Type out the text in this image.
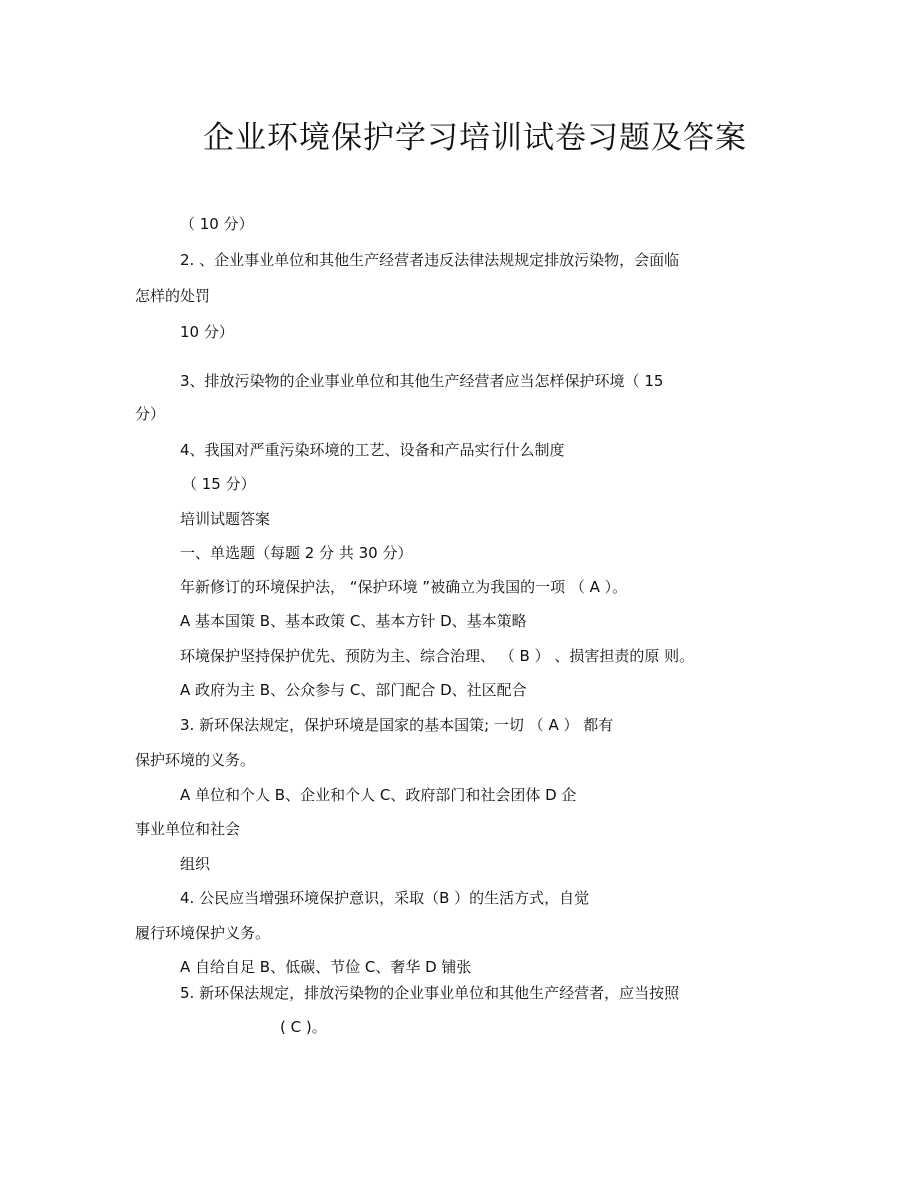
企业环境保护学习培训试卷习题及答案
（ 10 分）
2. 、企业事业单位和其他生产经营者违反法律法规规定排放污染物，会面临
怎样的处罚
10 分）
3、排放污染物的企业事业单位和其他生产经营者应当怎样保护环境（ 15
分）
4、我国对严重污染环境的工艺、设备和产品实行什么制度
（ 15 分）
培训试题答案
一、单选题（每题 2 分 共 30 分）
年新修订的环境保护法， “保护环境 ”被确立为我国的一项 （ A ）。
A 基本国策 B、基本政策 C、基本方针 D、基本策略
环境保护坚持保护优先、预防为主、综合治理、 （ B ） 、损害担责的原 则。
A 政府为主 B、公众参与 C、部门配合 D、社区配合
3. 新环保法规定，保护环境是国家的基本国策; 一切 （ A ） 都有
保护环境的义务。
A 单位和个人 B、企业和个人 C、政府部门和社会团体 D 企
事业单位和社会
组织
4. 公民应当增强环境保护意识，采取（B ）的生活方式，自觉
履行环境保护义务。
A 自给自足 B、低碳、节俭 C、奢华 D 铺张
5. 新环保法规定，排放污染物的企业事业单位和其他生产经营者，应当按照
( C )。
